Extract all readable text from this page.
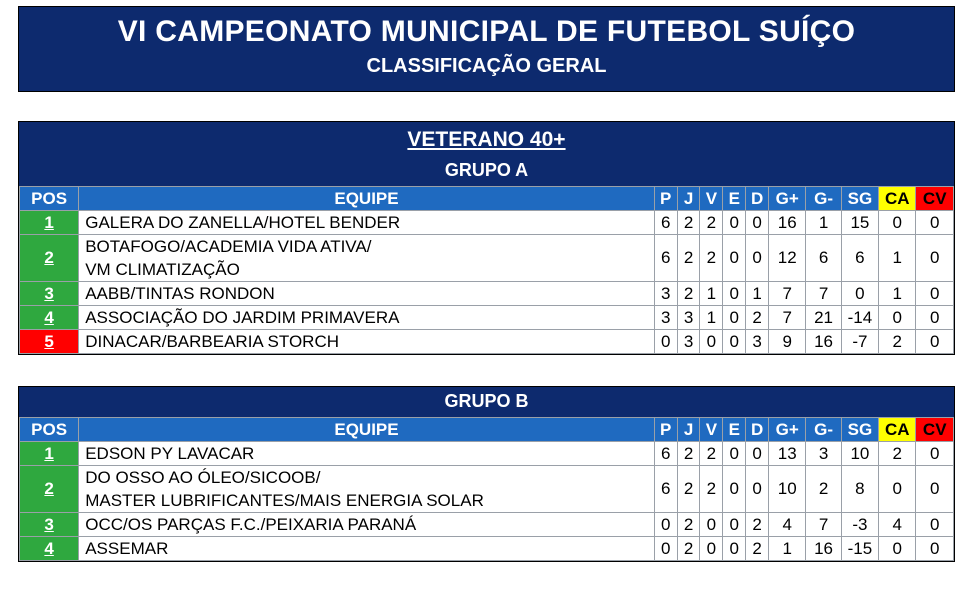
VI CAMPEONATO MUNICIPAL DE FUTEBOL SUÍÇO
CLASSIFICAÇÃO GERAL
VETERANO 40+
GRUPO A
POS	EQUIPE	P	J	V	E	D	G+	G-	SG	CA	CV
1	GALERA DO ZANELLA/HOTEL BENDER	6	2	2	0	0	16	1	15	0	0
2	BOTAFOGO/ACADEMIA VIDA ATIVA/
VM CLIMATIZAÇÃO	6	2	2	0	0	12	6	6	1	0
3	AABB/TINTAS RONDON	3	2	1	0	1	7	7	0	1	0
4	ASSOCIAÇÃO DO JARDIM PRIMAVERA	3	3	1	0	2	7	21	-14	0	0
5	DINACAR/BARBEARIA STORCH	0	3	0	0	3	9	16	-7	2	0
GRUPO B
POS	EQUIPE	P	J	V	E	D	G+	G-	SG	CA	CV
1	EDSON PY LAVACAR	6	2	2	0	0	13	3	10	2	0
2	DO OSSO AO ÓLEO/SICOOB/
MASTER LUBRIFICANTES/MAIS ENERGIA SOLAR	6	2	2	0	0	10	2	8	0	0
3	OCC/OS PARÇAS F.C./PEIXARIA PARANÁ	0	2	0	0	2	4	7	-3	4	0
4	ASSEMAR	0	2	0	0	2	1	16	-15	0	0
